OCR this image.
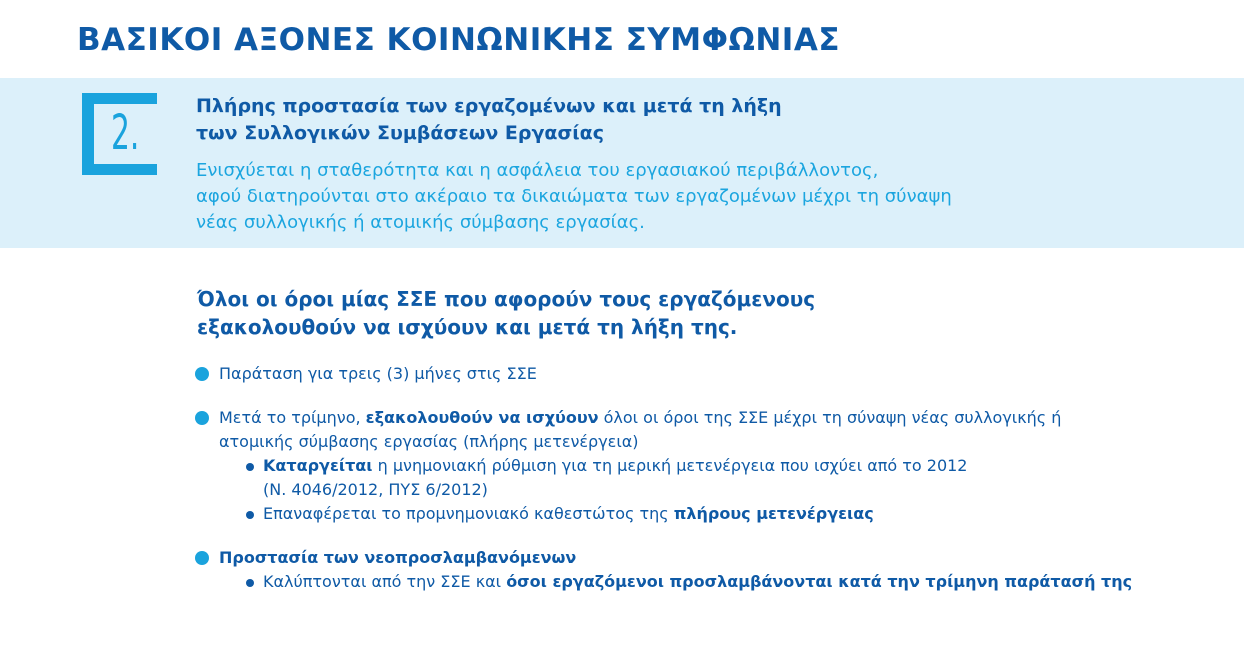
ΒΑΣΙΚΟΙ ΑΞΟΝΕΣ ΚΟΙΝΩΝΙΚΗΣ ΣΥΜΦΩΝΙΑΣ
2.	Πλήρης προστασία των εργαζομένων και μετά τη λήξη
των Συλλογικών Συμβάσεων Εργασίας

Ενισχύεται η σταθερότητα και η ασφάλεια του εργασιακού περιβάλλοντος,
αφού διατηρούνται στο ακέραιο τα δικαιώματα των εργαζομένων μέχρι τη σύναψη
νέας συλλογικής ή ατομικής σύμβασης εργασίας.

Όλοι οι όροι μίας ΣΣΕ που αφορούν τους εργαζόμενους
εξακολουθούν να ισχύουν και μετά τη λήξη της.

Παράταση για τρεις (3) μήνες στις ΣΣΕ
Μετά το τρίμηνο, εξακολουθούν να ισχύουν όλοι οι όροι της ΣΣΕ μέχρι τη σύναψη νέας συλλογικής ή
ατομικής σύμβασης εργασίας (πλήρης μετενέργεια)
Καταργείται η μνημονιακή ρύθμιση για τη μερική μετενέργεια που ισχύει από το 2012
(Ν. 4046/2012, ΠΥΣ 6/2012)
Επαναφέρεται το προμνημονιακό καθεστώτος της πλήρους μετενέργειας
Προστασία των νεοπροσλαμβανόμενων
Καλύπτονται από την ΣΣΕ και όσοι εργαζόμενοι προσλαμβάνονται κατά την τρίμηνη παράτασή της
